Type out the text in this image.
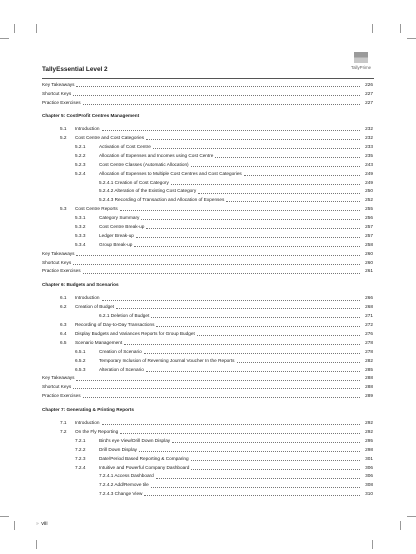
TallyEssential Level 2	TallyPrime
Key Takeaways	226
Shortcut Keys	227
Practice Exercises	227
Chapter 5: Cost/Profit Centres Management
5.1 Introduction	232
5.2 Cost Centre and Cost Categories	232
5.2.1	Activation of Cost Centre	233
5.2.2	Allocation of Expenses and Incomes using Cost Centre	235
5.2.3	Cost Centre Classes (Automatic Allocation)	243
5.2.4	Allocation of Expenses to Multiple Cost Centres and Cost Categories	249
5.2.4.1 Creation of Cost Category	249
5.2.4.2 Alteration of the Existing Cost Category	250
5.2.4.3 Recording of Transaction and Allocation of Expenses	252
5.3 Cost Centre Reports	255
5.3.1	Category Summary	256
5.3.2	Cost Centre Break-up	257
5.3.3	Ledger Break-up	257
5.3.4	Group Break-up	258
Key Takeaways	260
Shortcut Keys	260
Practice Exercises	261
Chapter 6: Budgets and Scenarios
6.1 Introduction	266
6.2 Creation of Budget	268
6.2.1 Deletion of Budget	271
6.3 Recording of Day-to-Day Transactions	272
6.4 Display Budgets and Variances Reports for Group Budget	276
6.5 Scenario Management	278
6.5.1	Creation of Scenario	278
6.5.2	Temporary Inclusion of Reversing Journal Voucher In the Reports	282
6.5.3	Alteration of Scenario	285
Key Takeaways	288
Shortcut Keys	288
Practice Exercises	289
Chapter 7: Generating & Printing Reports
7.1 Introduction	292
7.2 On the Fly Reporting	292
7.2.1	Bird's eye View/Drill Down Display	295
7.2.2	Drill Down Display	298
7.2.3	Date/Period Based Reporting & Comparing	301
7.2.4	Intuitive and Powerful Company Dashboard	306
7.2.4.1 Access Dashboard	306
7.2.4.2 Add/Remove tile	308
7.2.4.3 Change View	310
» viii
